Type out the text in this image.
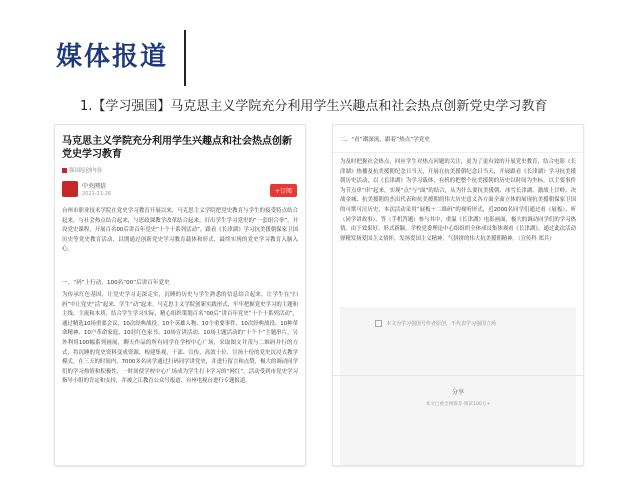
媒体报道
1.【学习强国】马克思主义学院充分利用学生兴趣点和社会热点创新党史学习教育
马克思主义学院充分利用学生兴趣点和社会热点创新党史学习教育
强国原创内容
中央网信
2021-11-26	+订阅

台州市职业技术学院在党史学习教育开展以来，马克思主义学院把党史教育与学生的接受特点结合起来，与社会热点结合起来，与思政课教学改革结合起来，打出学生学习党史的“一套组合拳”，开设党史课程，开展百名00后讲百年党史“十个十系列活动”，跟看《长津湖》学习抗美援朝保家卫国历史等党史教育活动，以期通过创新党史学习教育载体和形式，最终实现的党史学习教育入脑入心。

一、“码”上行动，100名“00”后讲百年党史

为传承红色基因，让党史学习走深走实，沉睡的历史与学生熟悉的信息结合起来，让学生在“扫码”中让党史“活”起来、学生“动”起来。马克思主义学院创新实践形式，牢牢把握党史学习的主题和主线、主流和本质，结合学生学习实际，精心组织策划百名“00后”讲百年党史“十个十系列活动”，通过精选10场重要会议、10次经典战役、10个英雄人物、10个重要事件、10次经典战役、10种革命精神、10户革命家庭、10封红色家书、10场宣讲活动、10场主题活动的“十个十”主题串片，另外利用100幅系列画展，聊天作品的所有同学在学校中心广场，采取图文并茂与二维码并行的方式，将沉睡的党史资料变成资源，构建集观、干部、宣传、高效十位、宣扬十份的党史沉浸式教学模式。在三天的时间内，7000多名同学通过扫码同学讲党史，并进行留言和点赞，极大的调动同学们的学习热情和积极性，一时间使学校中心广场成为学生打卡学习的“网红”。活动受到市党史学习指导小组的肯定和支持，并被之江教育公众号报道、台州电视台进行专题报道。

二、“看”潮深流，跟着“热点”学党史

为及时把握社会热点，回应学生对热点问题的关注，更为了更有效的开展党史教育，结合电影《长津湖》热播及抗美援朝纪念日当天，开展在抗美援朝纪念日当天，开展跟看《长津湖》学习抗美援朝历史活动，以《长津湖》为学习载体，有机的把整个抗美援朝的历史以时间为坐标，以主要事件为节点串“串”起来，实现“点”与“面”的结合，从为什么要抗美援朝、冰雪长津湖、激战上甘岭、决战金城、抗美援朝的杰出代表和抗美援朝的伟大历史意义各方面全面立体的展现抗美援朝保家卫国的可歌可泣历史。本次活动采用“展板＋二维码”的视听形式，近2000名同学们通过看（展板）、听（同学讲故事）、答（手机答题）参与其中，重温《长津湖》电影画面，极大的调动同学们的学习热情。由于效果好、形式新颖，学校党委理论中心组组织全体成员集体观看《长津湖》，通过此次活动弹精发扬爱国主义情怀，发扬爱国主义精神，气拼拼的伟大抗美援朝精神。（宣传科 郑兵）

本文为学习强国号作者原创，不代表学习强国立场
分享
本文已被全网推荐·阅读100万+
